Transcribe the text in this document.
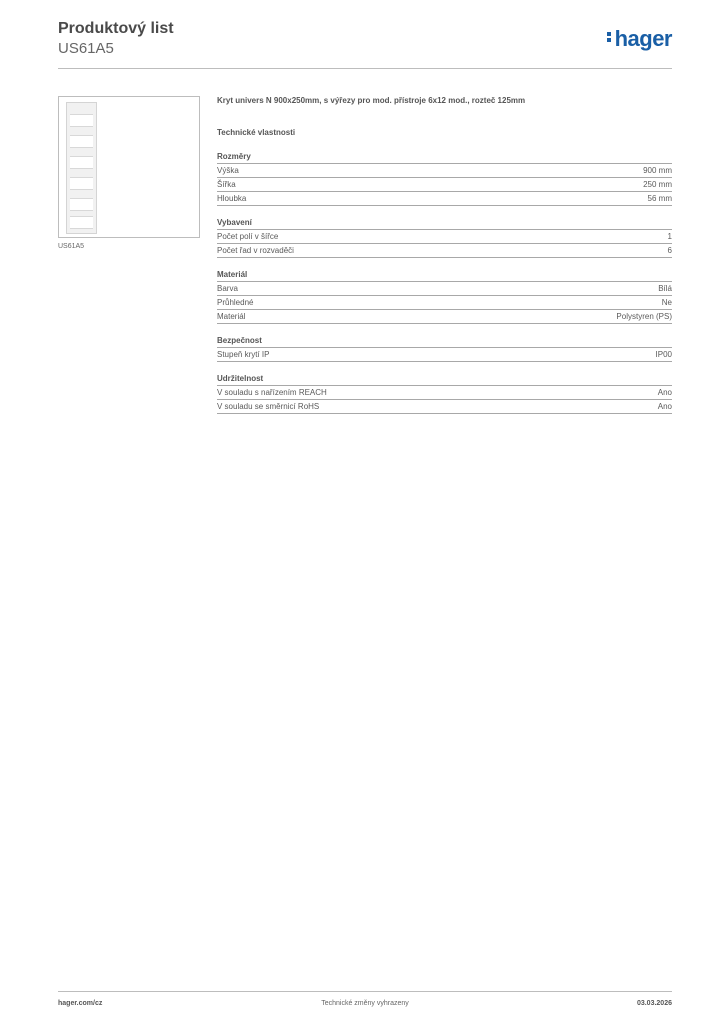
Produktový list
US61A5	hager
US61A5
Kryt univers N 900x250mm, s výřezy pro mod. přístroje 6x12 mod., rozteč 125mm
Technické vlastnosti
Rozměry
Výška	900 mm
Šířka	250 mm
Hloubka	56 mm
Vybavení
Počet polí v šířce	1
Počet řad v rozvaděči	6
Materiál
Barva	Bílá
Průhledné	Ne
Materiál	Polystyren (PS)
Bezpečnost
Stupeň krytí IP	IP00
Udržitelnost
V souladu s nařízením REACH	Ano
V souladu se směrnicí RoHS	Ano
Technické změny vyhrazeny
hager.com/cz	03.03.2026
